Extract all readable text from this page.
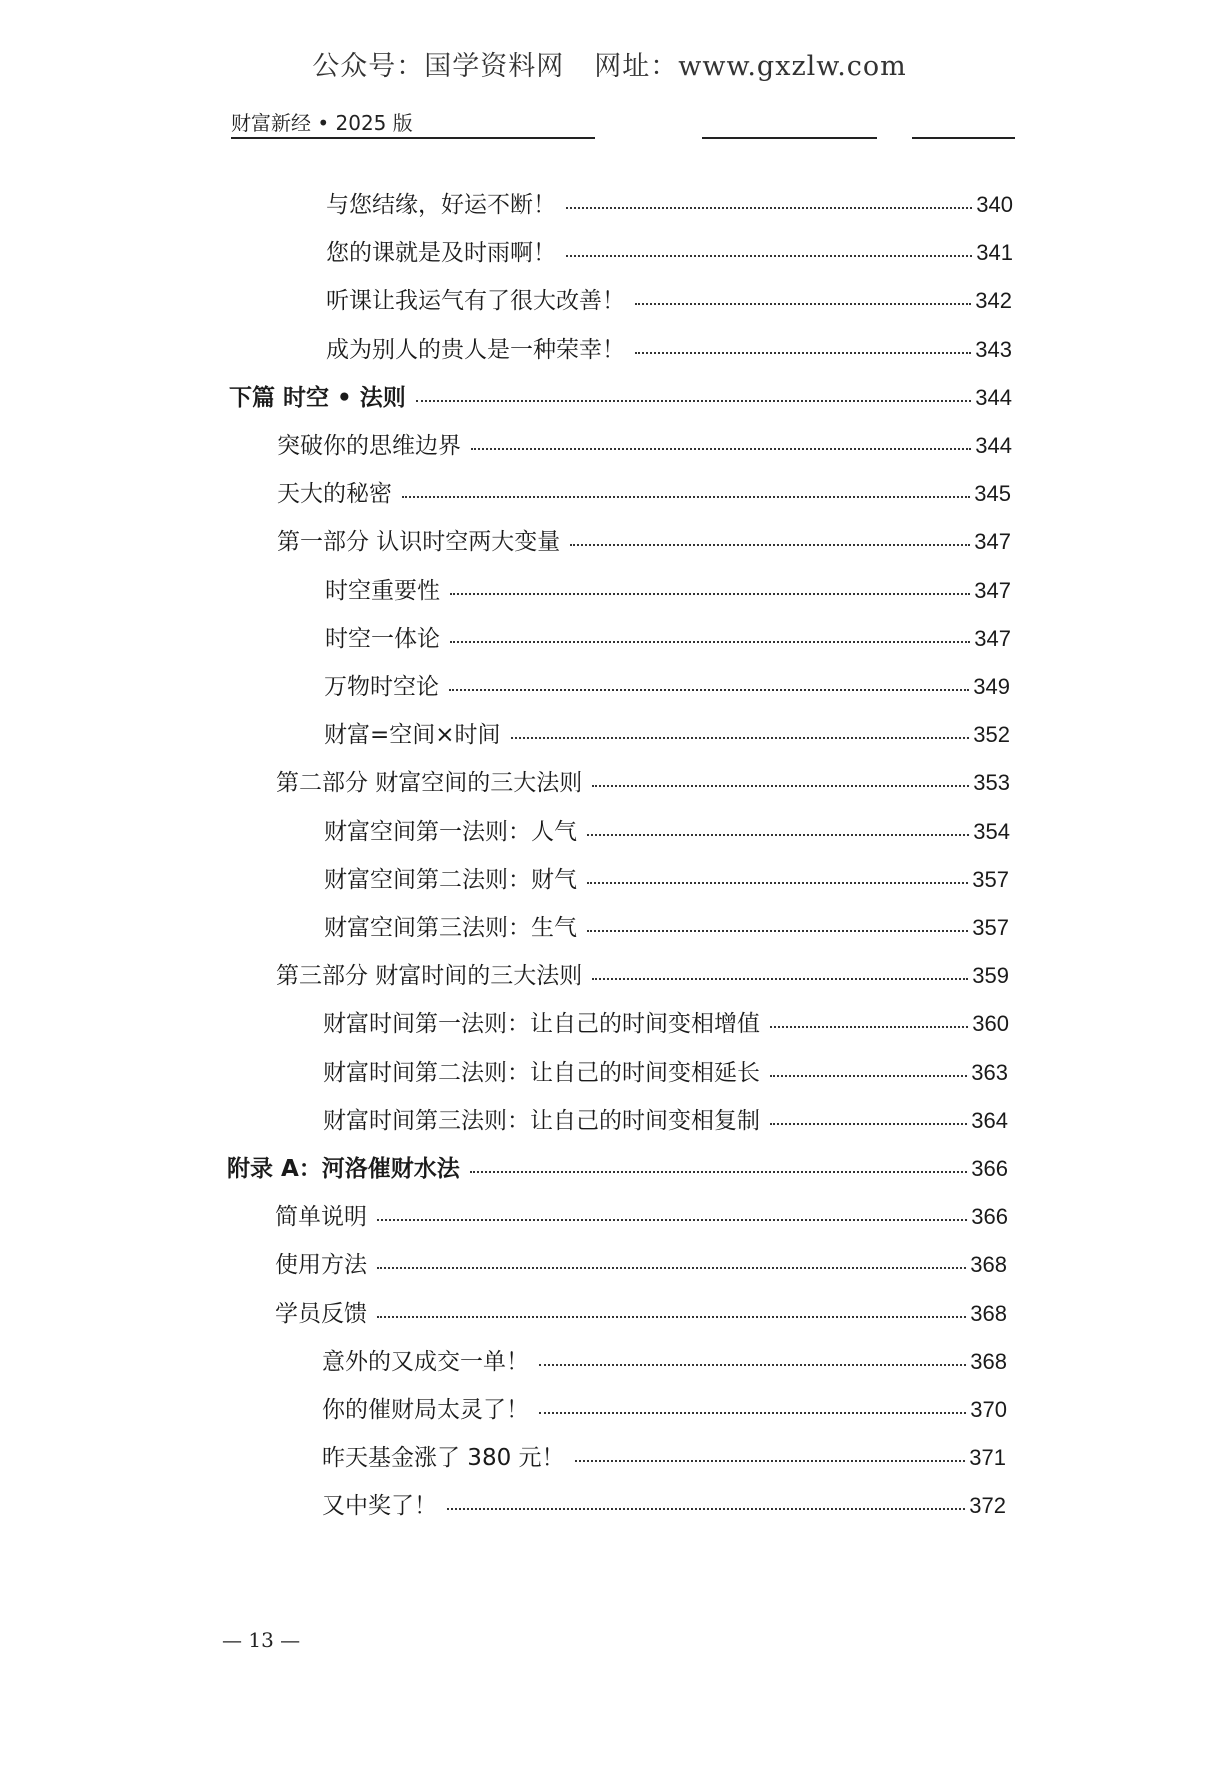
公众号：国学资料网 网址：www.gxzlw.com
财富新经 • 2025 版
与您结缘，好运不断！	340
您的课就是及时雨啊！	341
听课让我运气有了很大改善！	342
成为别人的贵人是一种荣幸！	343
下篇 时空 • 法则	344
突破你的思维边界	344
天大的秘密	345
第一部分 认识时空两大变量	347
时空重要性	347
时空一体论	347
万物时空论	349
财富=空间×时间	352
第二部分 财富空间的三大法则	353
财富空间第一法则：人气	354
财富空间第二法则：财气	357
财富空间第三法则：生气	357
第三部分 财富时间的三大法则	359
财富时间第一法则：让自己的时间变相增值	360
财富时间第二法则：让自己的时间变相延长	363
财富时间第三法则：让自己的时间变相复制	364
附录 A：河洛催财水法	366
简单说明	366
使用方法	368
学员反馈	368
意外的又成交一单！	368
你的催财局太灵了！	370
昨天基金涨了 380 元！	371
又中奖了！	372
— 13 —
